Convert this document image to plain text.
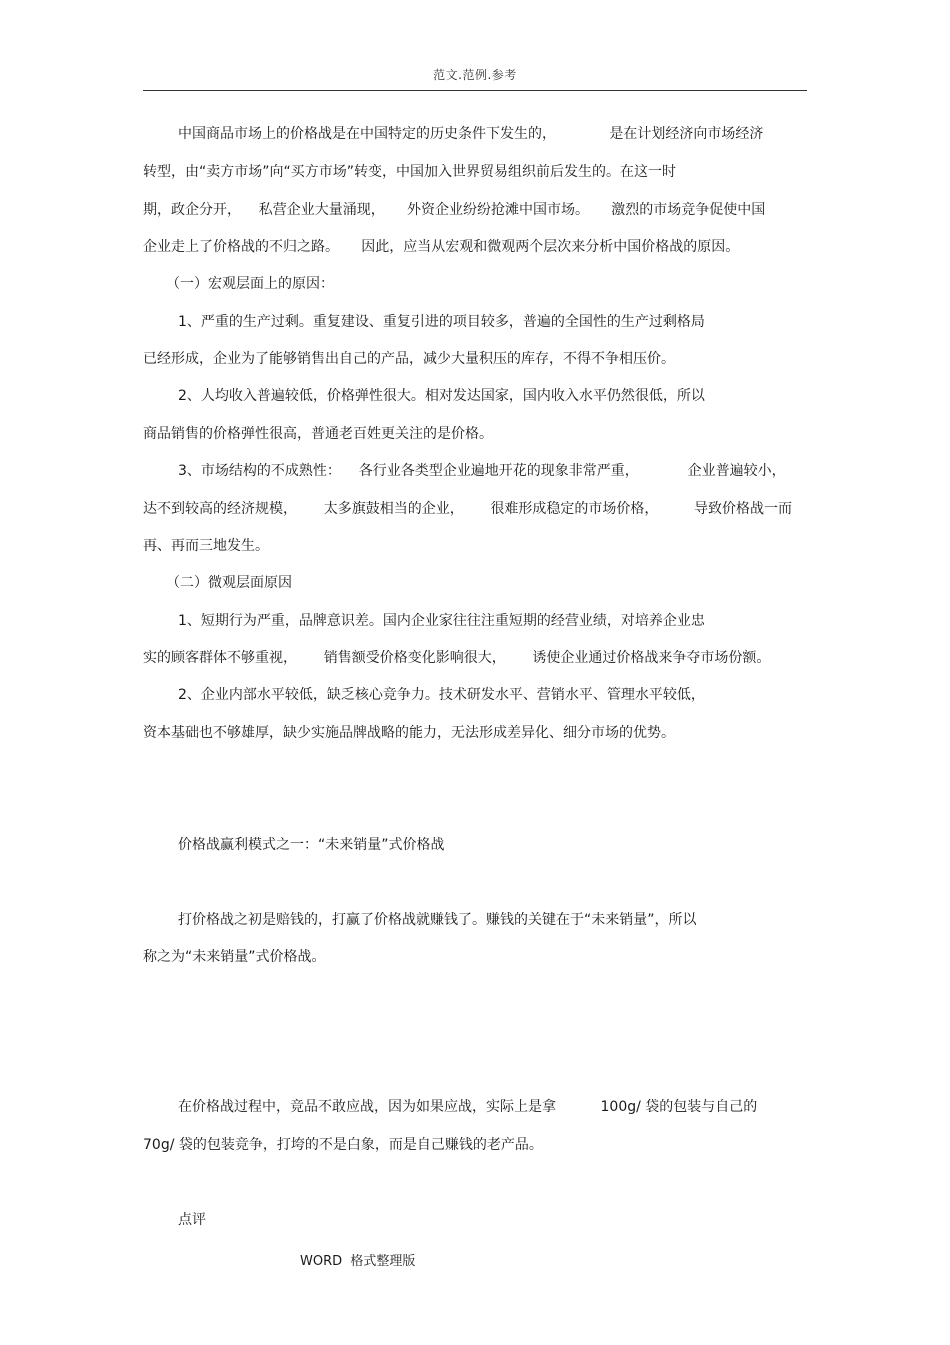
范文.范例.参考
中国商品市场上的价格战是在中国特定的历史条件下发生的，            是在计划经济向市场经济
转型，由“卖方市场”向“买方市场”转变，中国加入世界贸易组织前后发生的。在这一时
期，政企分开，    私营企业大量涌现，     外资企业纷纷抢滩中国市场。     激烈的市场竞争促使中国
企业走上了价格战的不归之路。     因此，应当从宏观和微观两个层次来分析中国价格战的原因。
（一）宏观层面上的原因：
1、严重的生产过剩。重复建设、重复引进的项目较多，普遍的全国性的生产过剩格局
已经形成，企业为了能够销售出自己的产品，减少大量积压的库存，不得不争相压价。
2、人均收入普遍较低，价格弹性很大。相对发达国家，国内收入水平仍然很低，所以
商品销售的价格弹性很高，普通老百姓更关注的是价格。
3、市场结构的不成熟性：    各行业各类型企业遍地开花的现象非常严重，           企业普遍较小，
达不到较高的经济规模，      太多旗鼓相当的企业，      很难形成稳定的市场价格，        导致价格战一而
再、再而三地发生。
（二）微观层面原因
1、短期行为严重，品牌意识差。国内企业家往往注重短期的经营业绩，对培养企业忠
实的顾客群体不够重视，      销售额受价格变化影响很大，      诱使企业通过价格战来争夺市场份额。
2、企业内部水平较低，缺乏核心竞争力。技术研发水平、营销水平、管理水平较低，
资本基础也不够雄厚，缺少实施品牌战略的能力，无法形成差异化、细分市场的优势。
价格战赢利模式之一：“未来销量”式价格战
打价格战之初是赔钱的，打赢了价格战就赚钱了。赚钱的关键在于“未来销量”，所以
称之为“未来销量”式价格战。
在价格战过程中，竞品不敢应战，因为如果应战，实际上是拿          100g/ 袋的包装与自己的
70g/ 袋的包装竞争，打垮的不是白象，而是自己赚钱的老产品。
点评
WORD  格式整理版
